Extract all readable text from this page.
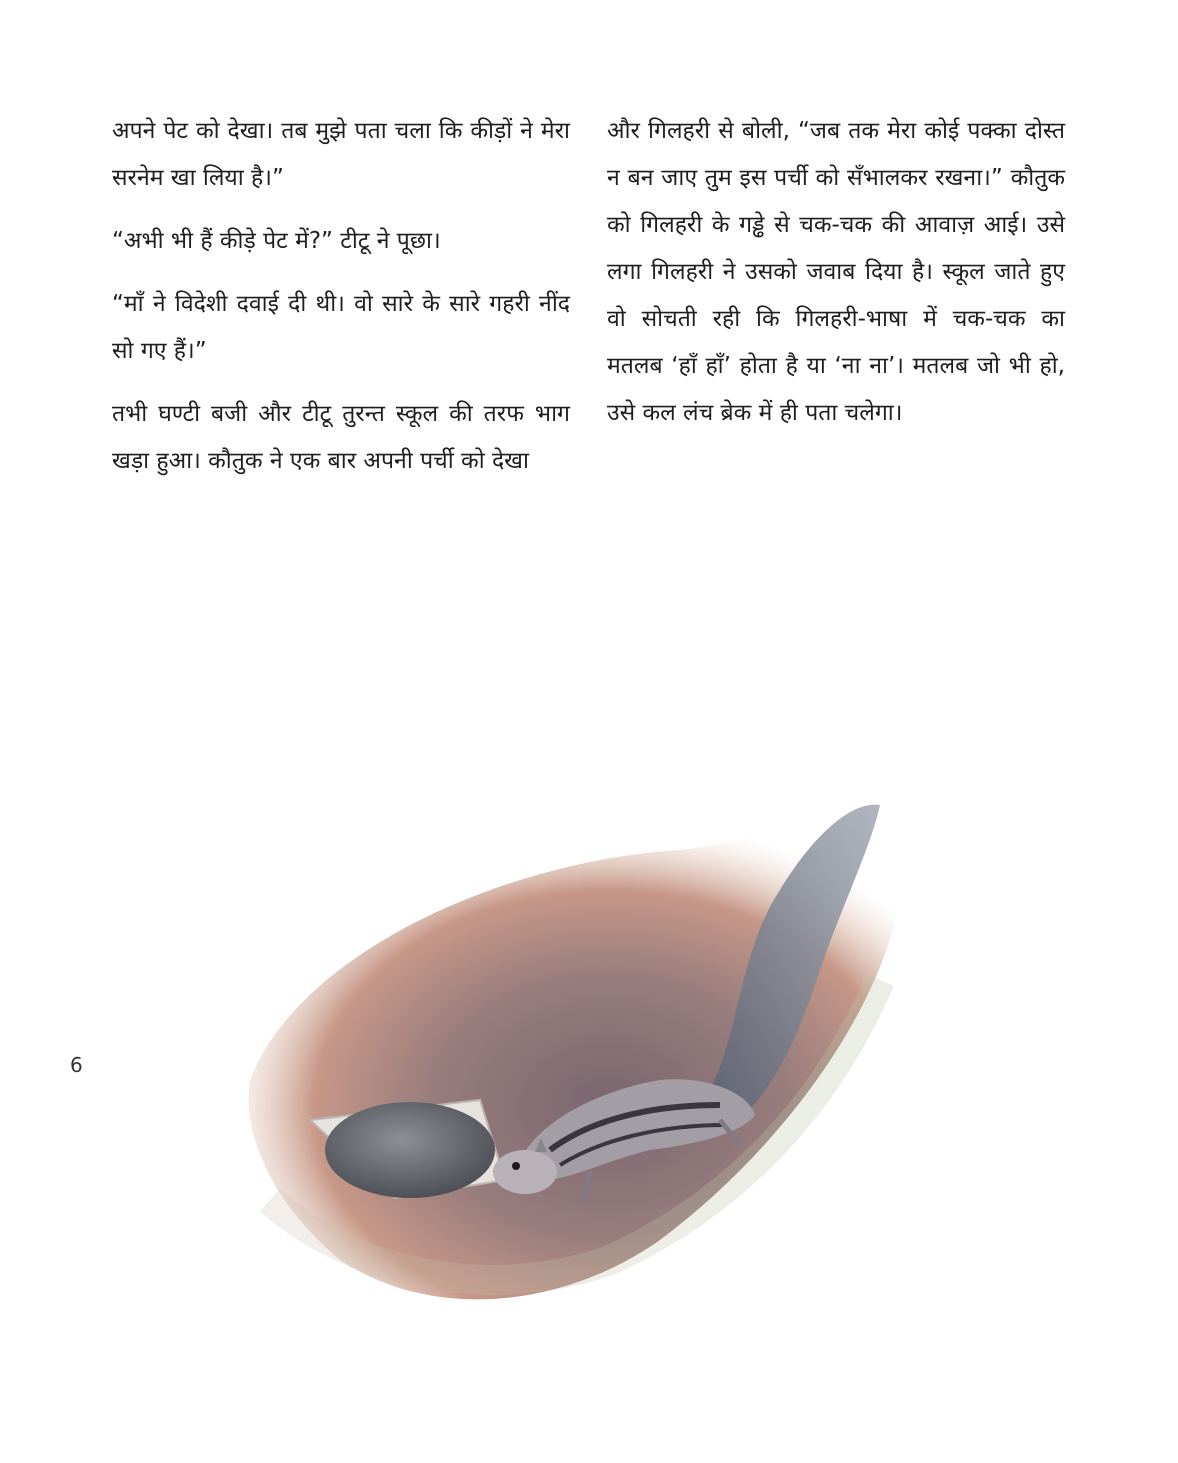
अपने पेट को देखा। तब मुझे पता चला कि कीड़ों ने मेरा सरनेम खा लिया है।”

“अभी भी हैं कीड़े पेट में?” टीटू ने पूछा।

“माँ ने विदेशी दवाई दी थी। वो सारे के सारे गहरी नींद सो गए हैं।”

तभी घण्टी बजी और टीटू तुरन्त स्कूल की तरफ भाग खड़ा हुआ। कौतुक ने एक बार अपनी पर्ची को देखा

और गिलहरी से बोली, “जब तक मेरा कोई पक्का दोस्त न बन जाए तुम इस पर्ची को सँभालकर रखना।” कौतुक को गिलहरी के गड्ढे से चक-चक की आवाज़ आई। उसे लगा गिलहरी ने उसको जवाब दिया है। स्कूल जाते हुए वो सोचती रही कि गिलहरी-भाषा में चक-चक का मतलब ‘हाँ हाँ’ होता है या ‘ना ना’। मतलब जो भी हो, उसे कल लंच ब्रेक में ही पता चलेगा।

6
